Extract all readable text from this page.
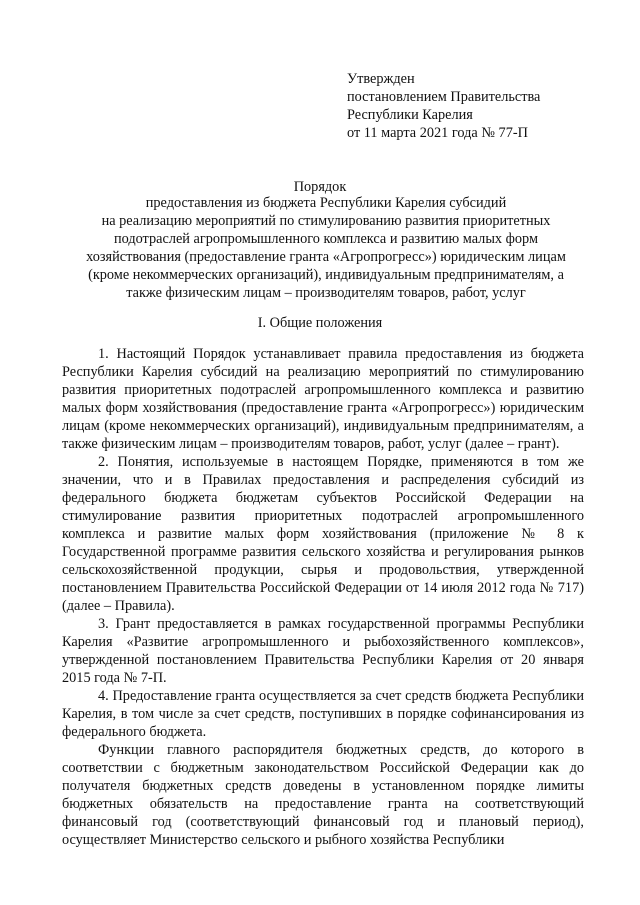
Утвержден
постановлением Правительства
Республики Карелия
от 11 марта 2021 года № 77-П
Порядок
предоставления из бюджета Республики Карелия субсидий
на реализацию мероприятий по стимулированию развития приоритетных
подотраслей агропромышленного комплекса и развитию малых форм
хозяйствования (предоставление гранта «Агропрогресс») юридическим лицам
(кроме некоммерческих организаций), индивидуальным предпринимателям, а
также физическим лицам – производителям товаров, работ, услуг
I. Общие положения

1. Настоящий Порядок устанавливает правила предоставления из бюджета Республики Карелия субсидий на реализацию мероприятий по стимулированию развития приоритетных подотраслей агропромышленного комплекса и развитию малых форм хозяйствования (предоставление гранта «Агропрогресс») юридическим лицам (кроме некоммерческих организаций), индивидуальным предпринимателям, а также физическим лицам – производителям товаров, работ, услуг (далее – грант).

2. Понятия, используемые в настоящем Порядке, применяются в том же значении, что и в Правилах предоставления и распределения субсидий из федерального бюджета бюджетам субъектов Российской Федерации на стимулирование развития приоритетных подотраслей агропромышленного комплекса и развитие малых форм хозяйствования (приложение № 8 к Государственной программе развития сельского хозяйства и регулирования рынков сельскохозяйственной продукции, сырья и продовольствия, утвержденной постановлением Правительства Российской Федерации от 14 июля 2012 года № 717) (далее – Правила).

3. Грант предоставляется в рамках государственной программы Республики Карелия «Развитие агропромышленного и рыбохозяйственного комплексов», утвержденной постановлением Правительства Республики Карелия от 20 января 2015 года № 7-П.

4. Предоставление гранта осуществляется за счет средств бюджета Республики Карелия, в том числе за счет средств, поступивших в порядке софинансирования из федерального бюджета.

Функции главного распорядителя бюджетных средств, до которого в соответствии с бюджетным законодательством Российской Федерации как до получателя бюджетных средств доведены в установленном порядке лимиты бюджетных обязательств на предоставление гранта на соответствующий финансовый год (соответствующий финансовый год и плановый период), осуществляет Министерство сельского и рыбного хозяйства Республики
